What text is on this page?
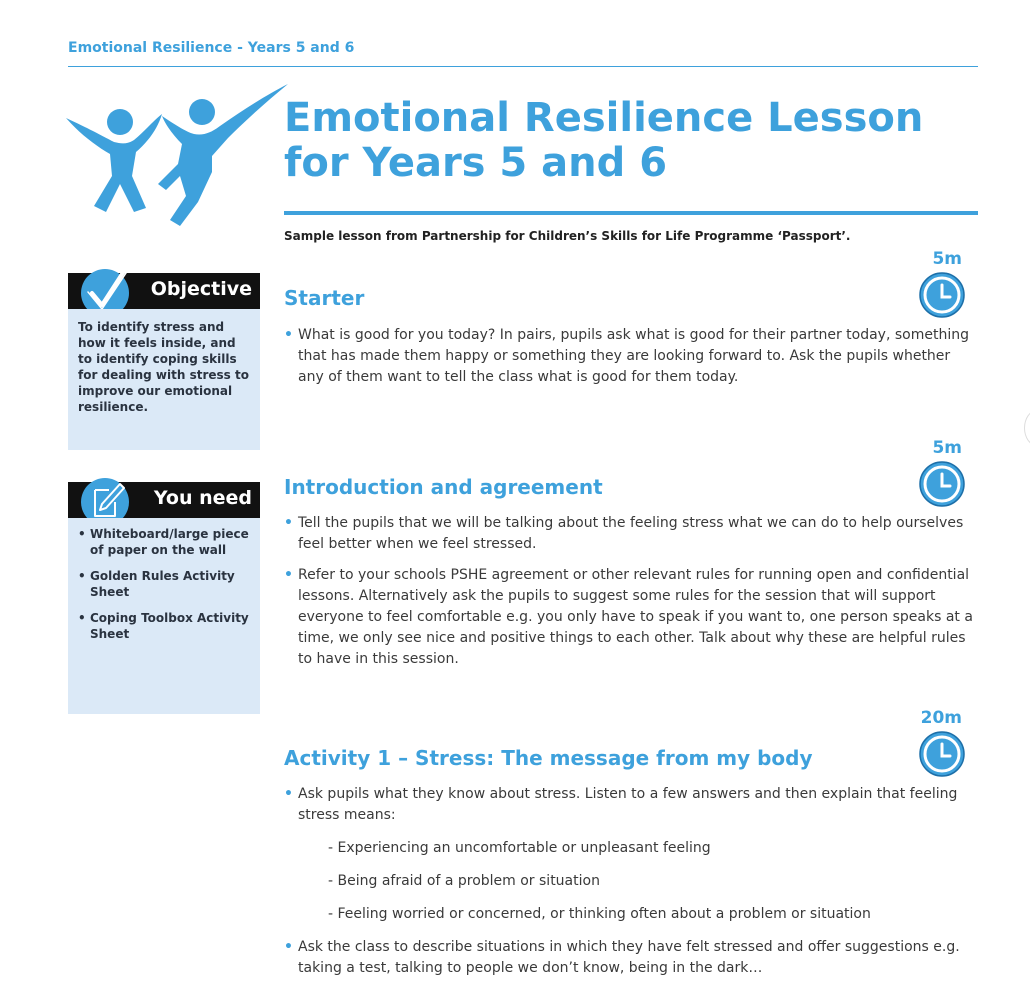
Emotional Resilience - Years 5 and 6
Emotional Resilience Lesson
for Years 5 and 6
Sample lesson from Partnership for Children’s Skills for Life Programme ‘Passport’.
Objective

To identify stress and how it feels inside, and to identify coping skills for dealing with stress to improve our emotional resilience.

You need
• Whiteboard/large piece of paper on the wall
• Golden Rules Activity Sheet
• Coping Toolbox Activity Sheet
Starter
• What is good for you today? In pairs, pupils ask what is good for their partner today, something that has made them happy or something they are looking forward to. Ask the pupils whether any of them want to tell the class what is good for them today.
5m
Introduction and agreement
• Tell the pupils that we will be talking about the feeling stress what we can do to help ourselves feel better when we feel stressed.
• Refer to your schools PSHE agreement or other relevant rules for running open and confidential lessons. Alternatively ask the pupils to suggest some rules for the session that will support everyone to feel comfortable e.g. you only have to speak if you want to, one person speaks at a time, we only see nice and positive things to each other. Talk about why these are helpful rules to have in this session.
5m
Activity 1 – Stress: The message from my body
• Ask pupils what they know about stress. Listen to a few answers and then explain that feeling stress means:
- Experiencing an uncomfortable or unpleasant feeling
- Being afraid of a problem or situation
- Feeling worried or concerned, or thinking often about a problem or situation
• Ask the class to describe situations in which they have felt stressed and offer suggestions e.g. taking a test, talking to people we don’t know, being in the dark…
20m
